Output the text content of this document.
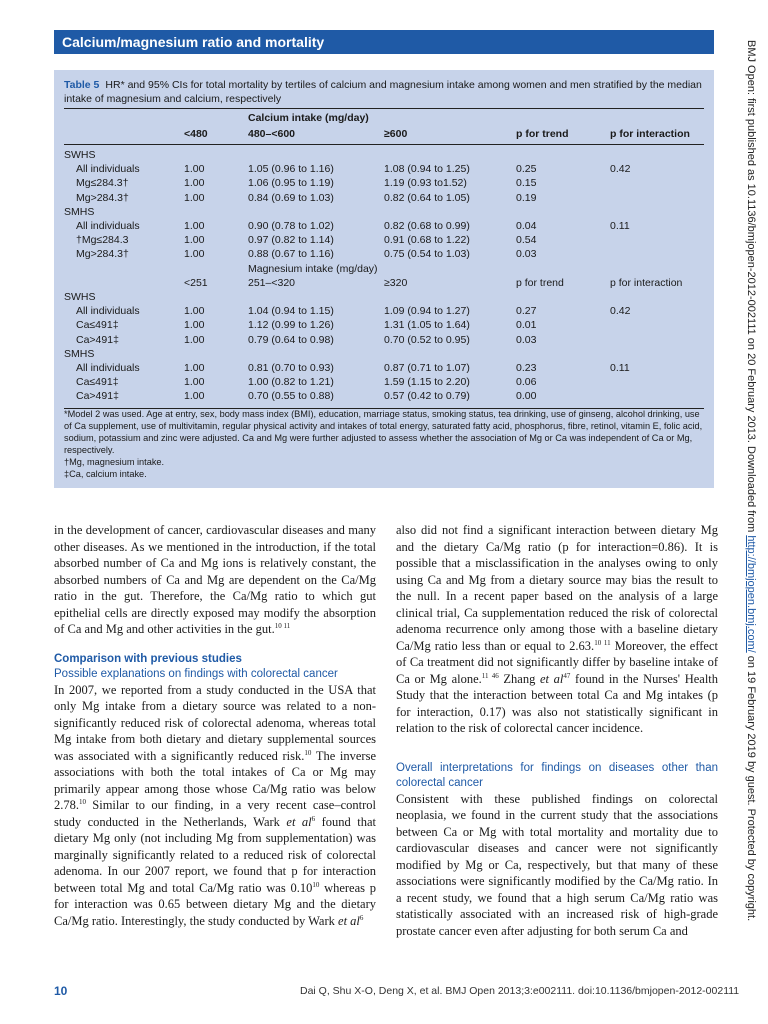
Calcium/magnesium ratio and mortality
Table 5 HR* and 95% CIs for total mortality by tertiles of calcium and magnesium intake among women and men stratified by the median intake of magnesium and calcium, respectively
Calcium intake (mg/day)
<480	480–<600	≥600	p for trend	p for interaction
SWHS
All individuals	1.00	1.05 (0.96 to 1.16)	1.08 (0.94 to 1.25)	0.25	0.42
Mg≤284.3†	1.00	1.06 (0.95 to 1.19)	1.19 (0.93 to1.52)	0.15
Mg>284.3†	1.00	0.84 (0.69 to 1.03)	0.82 (0.64 to 1.05)	0.19
SMHS
All individuals	1.00	0.90 (0.78 to 1.02)	0.82 (0.68 to 0.99)	0.04	0.11
†Mg≤284.3	1.00	0.97 (0.82 to 1.14)	0.91 (0.68 to 1.22)	0.54
Mg>284.3†	1.00	0.88 (0.67 to 1.16)	0.75 (0.54 to 1.03)	0.03
Magnesium intake (mg/day)
<251	251–<320	≥320	p for trend	p for interaction
SWHS
All individuals	1.00	1.04 (0.94 to 1.15)	1.09 (0.94 to 1.27)	0.27	0.42
Ca≤491‡	1.00	1.12 (0.99 to 1.26)	1.31 (1.05 to 1.64)	0.01
Ca>491‡	1.00	0.79 (0.64 to 0.98)	0.70 (0.52 to 0.95)	0.03
SMHS
All individuals	1.00	0.81 (0.70 to 0.93)	0.87 (0.71 to 1.07)	0.23	0.11
Ca≤491‡	1.00	1.00 (0.82 to 1.21)	1.59 (1.15 to 2.20)	0.06
Ca>491‡	1.00	0.70 (0.55 to 0.88)	0.57 (0.42 to 0.79)	0.00
*Model 2 was used. Age at entry, sex, body mass index (BMI), education, marriage status, smoking status, tea drinking, use of ginseng, alcohol drinking, use of Ca supplement, use of multivitamin, regular physical activity and intakes of total energy, saturated fatty acid, phosphorus, fibre, retinol, vitamin E, folic acid, sodium, potassium and zinc were adjusted. Ca and Mg were further adjusted to assess whether the association of Mg or Ca was independent of Ca or Mg, respectively.
†Mg, magnesium intake.
‡Ca, calcium intake.

in the development of cancer, cardiovascular diseases and many other diseases. As we mentioned in the introduction, if the total absorbed number of Ca and Mg ions is relatively constant, the absorbed numbers of Ca and Mg are dependent on the Ca/Mg ratio in the gut. Therefore, the Ca/Mg ratio to which gut epithelial cells are directly exposed may modify the absorption of Ca and Mg and other activities in the gut.$^{10 11}$

Comparison with previous studies
Possible explanations on findings with colorectal cancer

In 2007, we reported from a study conducted in the USA that only Mg intake from a dietary source was related to a non-significantly reduced risk of colorectal adenoma, whereas total Mg intake from both dietary and dietary supplemental sources was associated with a significantly reduced risk.$^{10}$ The inverse associations with both the total intakes of Ca or Mg may primarily appear among those whose Ca/Mg ratio was below 2.78.10 Similar to our finding, in a very recent case–control study conducted in the Netherlands, Wark et $al^6$ found that dietary Mg only (not including Mg from supplementation) was marginally significantly related to a reduced risk of colorectal adenoma. In our 2007 report, we found that p for interaction between total Mg and total Ca/Mg ratio was 0.10$^{10}$ whereas p for interaction was 0.65 between dietary Mg and the dietary Ca/Mg ratio. Interestingly, the study conducted by Wark et $al^6$

also did not find a significant interaction between dietary Mg and the dietary Ca/Mg ratio (p for interaction=0.86). It is possible that a misclassification in the analyses owing to only using Ca and Mg from a dietary source may bias the result to the null. In a recent paper based on the analysis of a large clinical trial, Ca supplementation reduced the risk of colorectal adenoma recurrence only among those with a baseline dietary Ca/Mg ratio less than or equal to 2.63.$^{10 11}$ Moreover, the effect of Ca treatment did not significantly differ by baseline intake of Ca or Mg alone.$^{11 46}$ Zhang et $al^{47}$ found in the Nurses' Health Study that the interaction between total Ca and Mg intakes (p for interaction, 0.17) was also not statistically significant in relation to the risk of colorectal cancer incidence.

Overall interpretations for findings on diseases other than colorectal cancer

Consistent with these published findings on colorectal neoplasia, we found in the current study that the associations between Ca or Mg with total mortality and mortality due to cardiovascular diseases and cancer were not significantly modified by Mg or Ca, respectively, but that many of these associations were significantly modified by the Ca/Mg ratio. In a recent study, we found that a high serum Ca/Mg ratio was statistically associated with an increased risk of high-grade prostate cancer even after adjusting for both serum Ca and

BMJ Open: first published as 10.1136/bmjopen-2012-002111 on 20 February 2013. Downloaded from http://bmjopen.bmj.com/ on 19 February 2019 by guest. Protected by copyright.
10	Dai Q, Shu X-O, Deng X, et al. BMJ Open 2013;3:e002111. doi:10.1136/bmjopen-2012-002111
